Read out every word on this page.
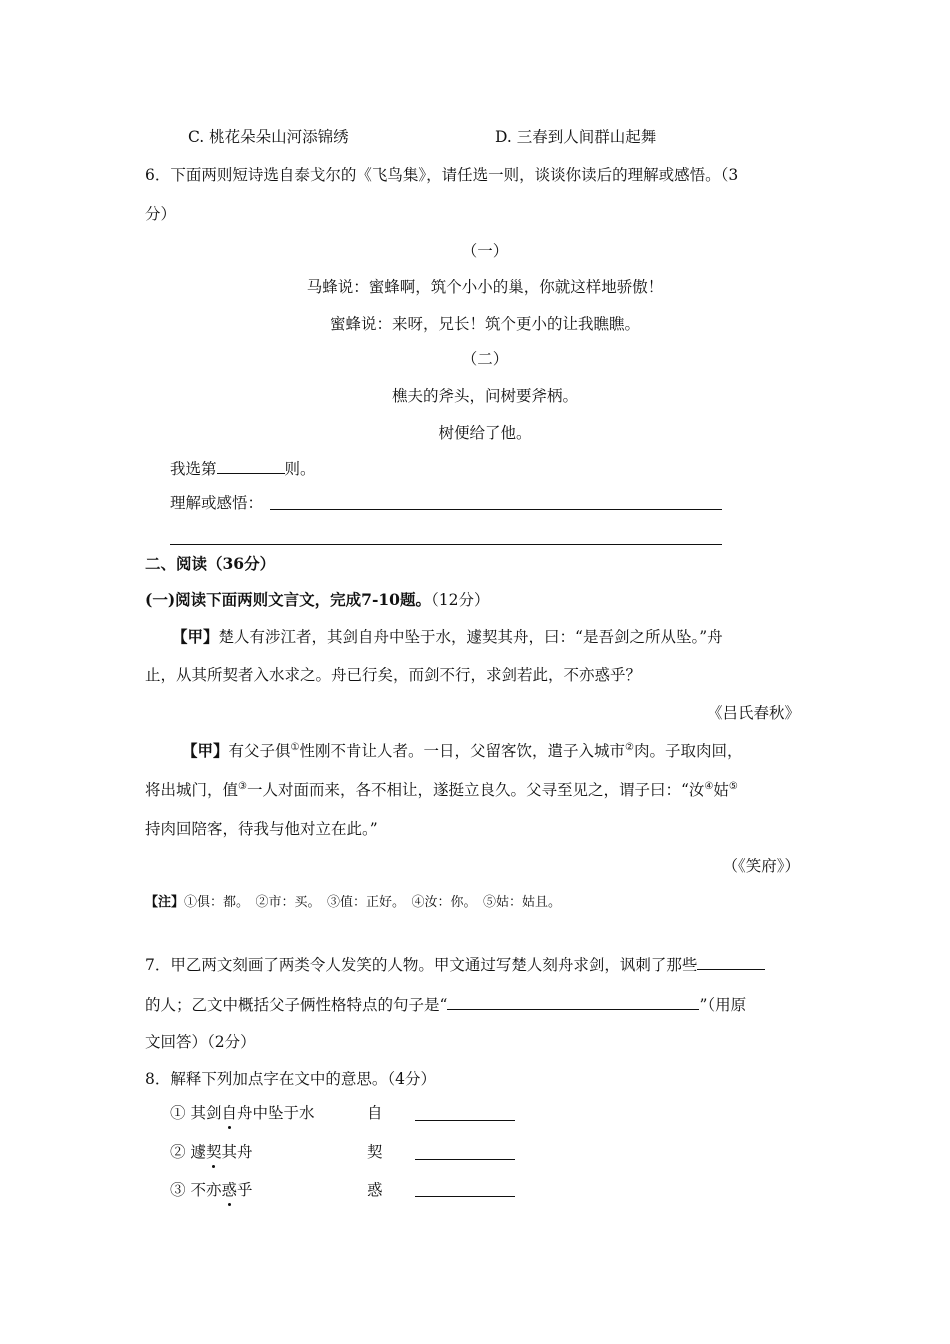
C. 桃花朵朵山河添锦绣	D. 三春到人间群山起舞
6．下面两则短诗选自泰戈尔的《飞鸟集》，请任选一则，谈谈你读后的理解或感悟。（3
分）
（一）
马蜂说：蜜蜂啊，筑个小小的巢，你就这样地骄傲！
蜜蜂说：来呀，兄长！筑个更小的让我瞧瞧。
（二）
樵夫的斧头，问树要斧柄。
树便给了他。
我选第	则。
理解或感悟：
二、阅读（36分）
(一)阅读下面两则文言文，完成7-10题。（12分）
【甲】楚人有涉江者，其剑自舟中坠于水，遽契其舟，曰：“是吾剑之所从坠。”舟
止，从其所契者入水求之。舟已行矣，而剑不行，求剑若此，不亦惑乎？
《吕氏春秋》
【甲】有父子俱①性刚不肯让人者。一日，父留客饮，遣子入城市②肉。子取肉回，
将出城门，值③一人对面而来，各不相让，遂挺立良久。父寻至见之，谓子曰：“汝④姑⑤
持肉回陪客，待我与他对立在此。”
（《笑府》）
【注】①俱：都。　②市：买。　③值：正好。　④汝：你。　⑤姑：姑且。
7．甲乙两文刻画了两类令人发笑的人物。甲文通过写楚人刻舟求剑，讽刺了那些
的人；乙文中概括父子俩性格特点的句子是“	”（用原
文回答）（2分）
8．解释下列加点字在文中的意思。（4分）
① 其剑自舟中坠于水	自
② 遽契其舟	契
③ 不亦惑乎	惑
